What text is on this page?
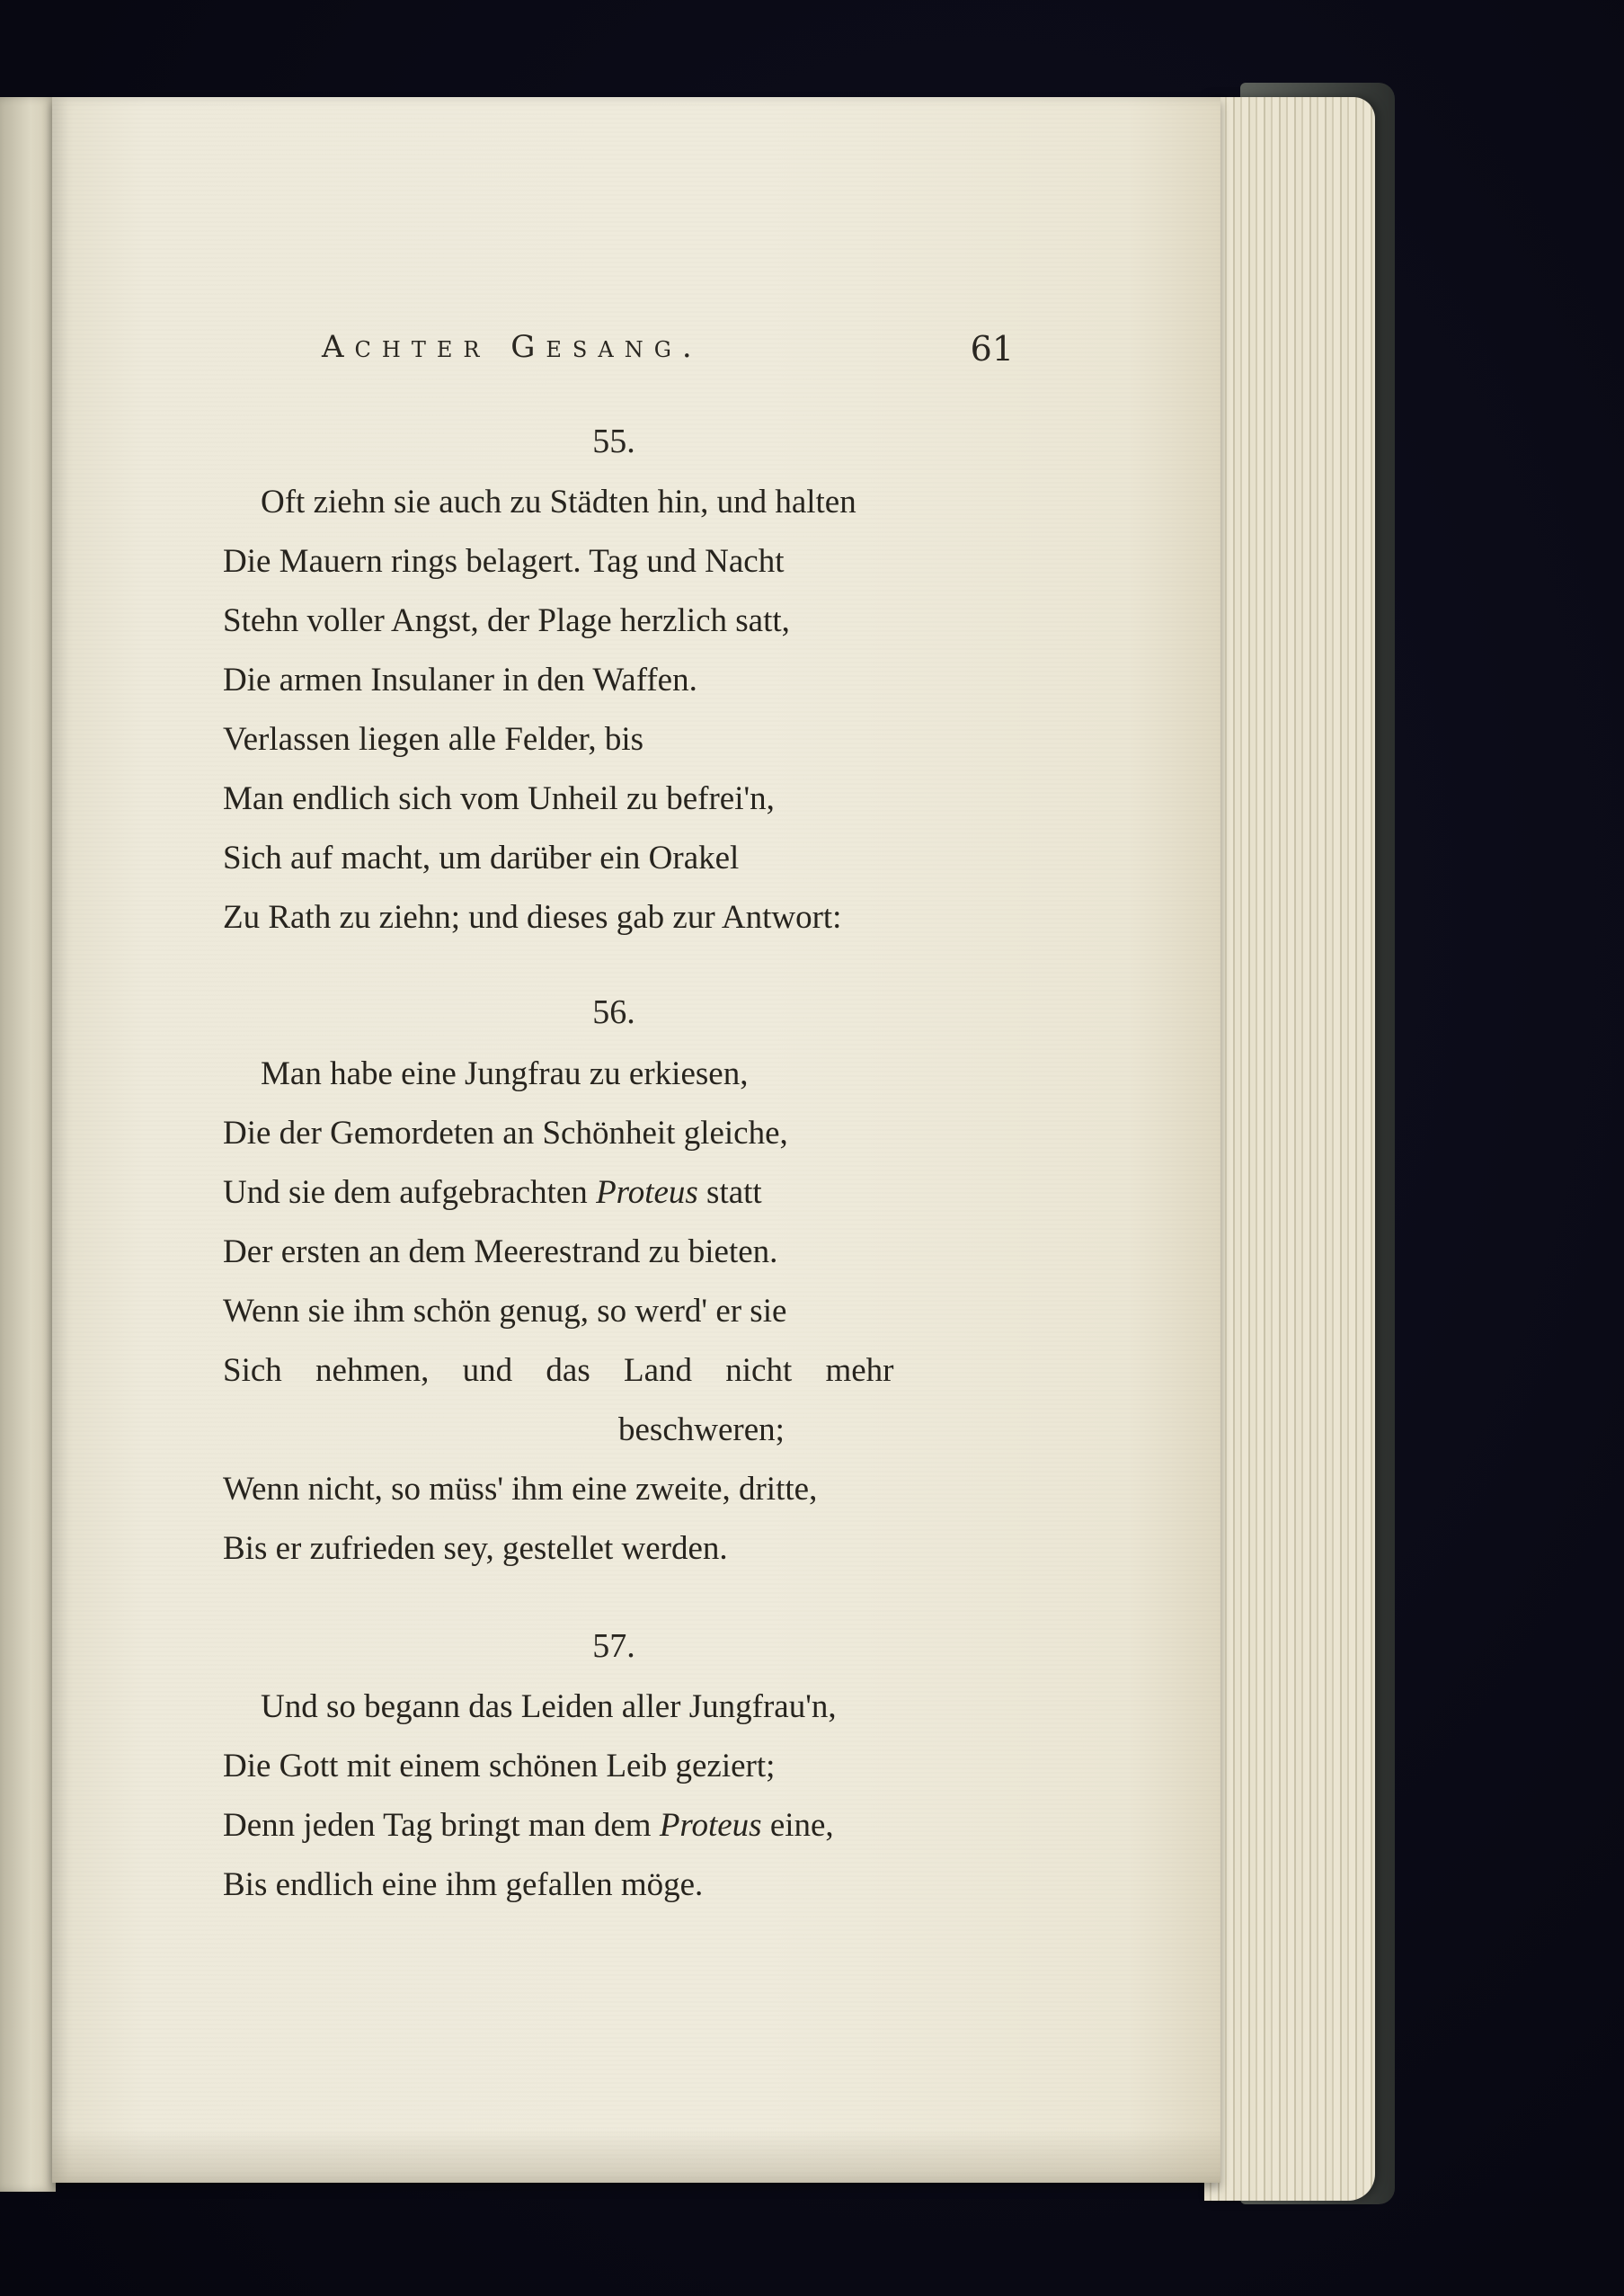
Achter Gesang.	61
55.
Oft ziehn sie auch zu Städten hin, und halten
Die Mauern rings belagert. Tag und Nacht
Stehn voller Angst, der Plage herzlich satt,
Die armen Insulaner in den Waffen.
Verlassen liegen alle Felder, bis
Man endlich sich vom Unheil zu befrei'n,
Sich auf macht, um darüber ein Orakel
Zu Rath zu ziehn; und dieses gab zur Antwort:
56.
Man habe eine Jungfrau zu erkiesen,
Die der Gemordeten an Schönheit gleiche,
Und sie dem aufgebrachten Proteus statt
Der ersten an dem Meerestrand zu bieten.
Wenn sie ihm schön genug, so werd' er sie
Sich nehmen, und das Land nicht mehr
beschweren;
Wenn nicht, so müss' ihm eine zweite, dritte,
Bis er zufrieden sey, gestellet werden.
57.
Und so begann das Leiden aller Jungfrau'n,
Die Gott mit einem schönen Leib geziert;
Denn jeden Tag bringt man dem Proteus eine,
Bis endlich eine ihm gefallen möge.
